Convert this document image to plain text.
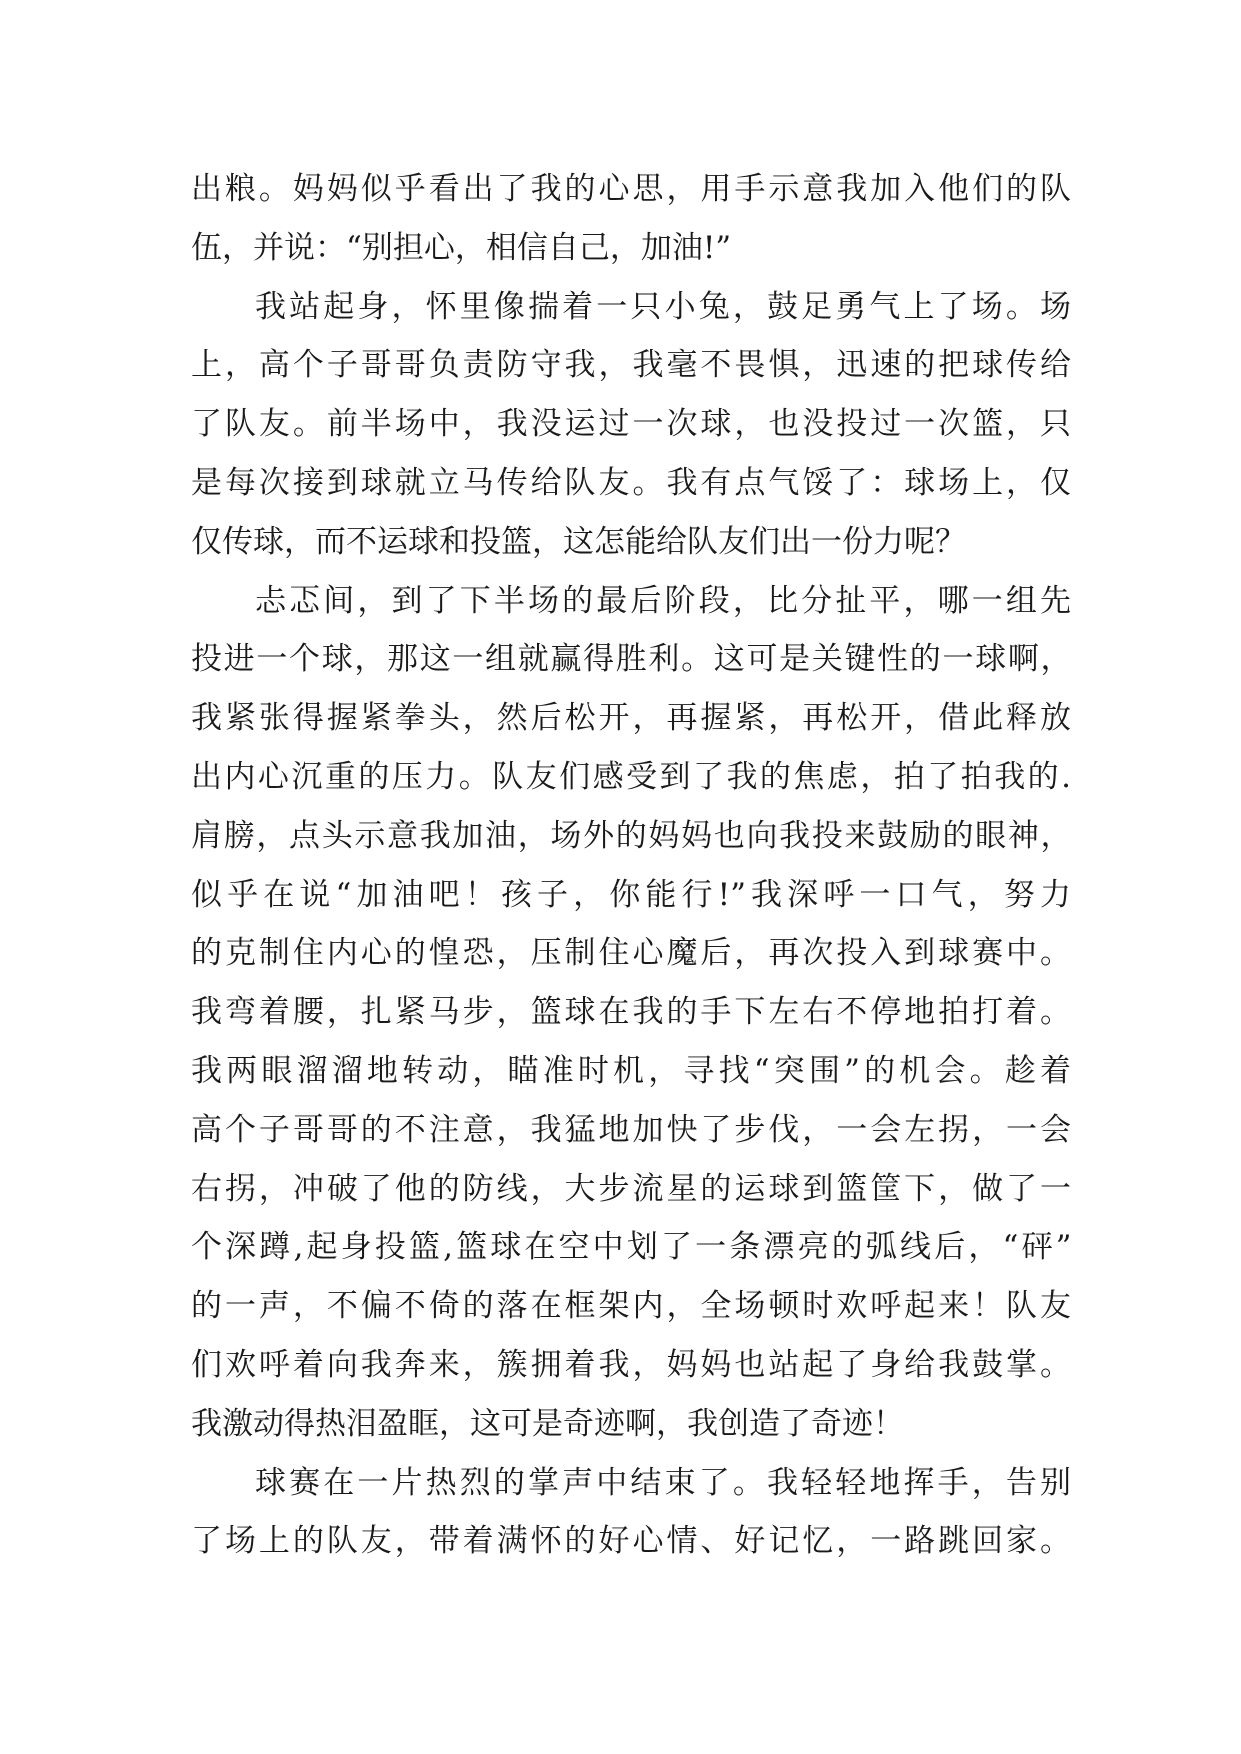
出粮。妈妈似乎看出了我的心思，用手示意我加入他们的队
伍，并说：“别担心，相信自己，加油!”
我站起身，怀里像揣着一只小兔，鼓足勇气上了场。场
上，高个子哥哥负责防守我，我毫不畏惧，迅速的把球传给
了队友。前半场中，我没运过一次球，也没投过一次篮，只
是每次接到球就立马传给队友。我有点气馁了：球场上，仅
仅传球，而不运球和投篮，这怎能给队友们出一份力呢？
忐忑间，到了下半场的最后阶段，比分扯平，哪一组先
投进一个球，那这一组就赢得胜利。这可是关键性的一球啊，
我紧张得握紧拳头，然后松开，再握紧，再松开，借此释放
出内心沉重的压力。队友们感受到了我的焦虑，拍了拍我的.
肩膀，点头示意我加油，场外的妈妈也向我投来鼓励的眼神，
似乎在说“加油吧！孩子，你能行!”我深呼一口气，努力
的克制住内心的惶恐，压制住心魔后，再次投入到球赛中。
我弯着腰，扎紧马步，篮球在我的手下左右不停地拍打着。
我两眼溜溜地转动，瞄准时机，寻找“突围”的机会。趁着
高个子哥哥的不注意，我猛地加快了步伐，一会左拐，一会
右拐，冲破了他的防线，大步流星的运球到篮筐下，做了一
个深蹲,起身投篮,篮球在空中划了一条漂亮的弧线后，“砰”
的一声，不偏不倚的落在框架内，全场顿时欢呼起来！队友
们欢呼着向我奔来，簇拥着我，妈妈也站起了身给我鼓掌。
我激动得热泪盈眶，这可是奇迹啊，我创造了奇迹！
球赛在一片热烈的掌声中结束了。我轻轻地挥手，告别
了场上的队友，带着满怀的好心情、好记忆，一路跳回家。
